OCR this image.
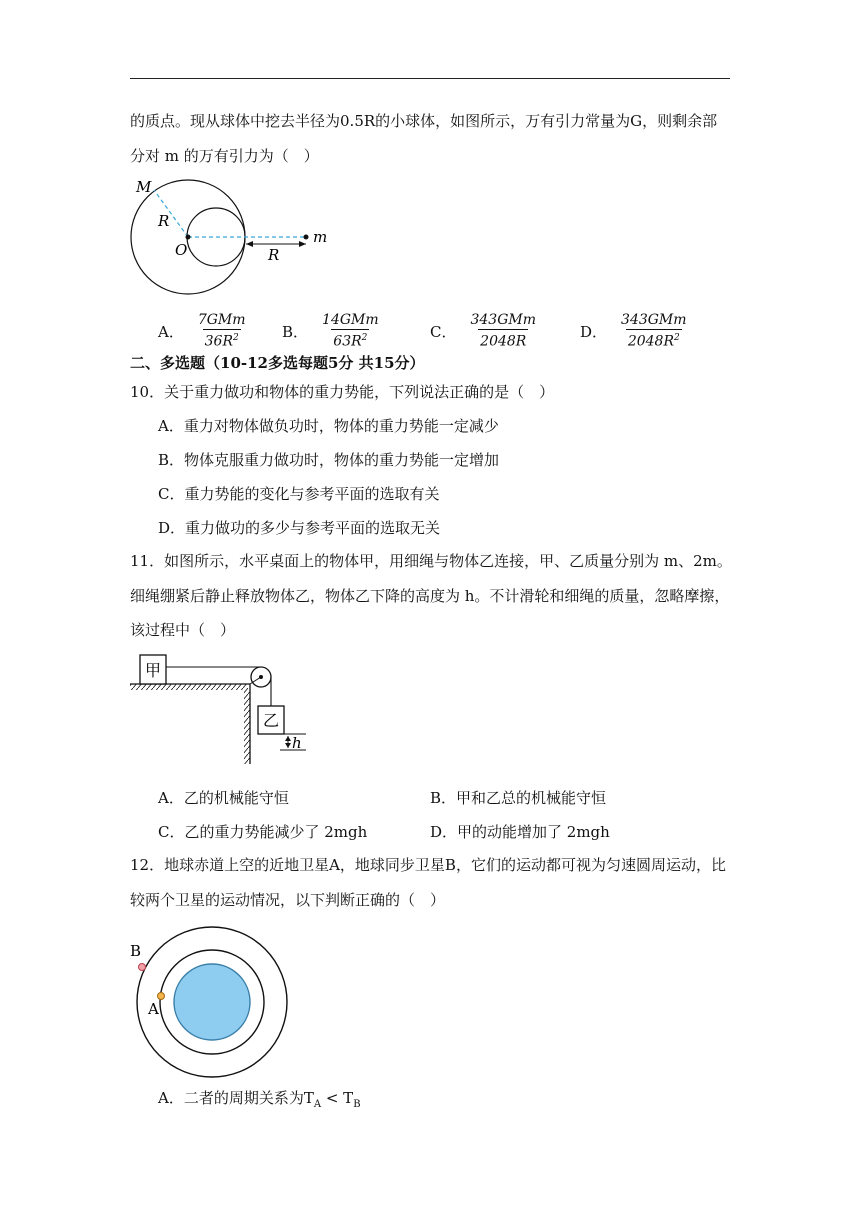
的质点。现从球体中挖去半径为0.5R的小球体，如图所示，万有引力常量为G，则剩余部
分对 m 的万有引力为（　）
M
R
O
m
R
A． $\frac{\text{7GMm}}{36R^2}$ B． $\frac{\text{14GMm}}{63R^2}$	C． $\frac{\text{343GMm}}{2048R}$	D． $\frac{\text{343GMm}}{2048R^2}$
二、多选题（10-12多选每题5分 共15分）
10．关于重力做功和物体的重力势能，下列说法正确的是（　）
A．重力对物体做负功时，物体的重力势能一定减少
B．物体克服重力做功时，物体的重力势能一定增加
C．重力势能的变化与参考平面的选取有关
D．重力做功的多少与参考平面的选取无关
11．如图所示，水平桌面上的物体甲，用细绳与物体乙连接，甲、乙质量分别为 m、2m。
细绳绷紧后静止释放物体乙，物体乙下降的高度为 h。不计滑轮和细绳的质量，忽略摩擦，
该过程中（　）
甲
乙
h
A．乙的机械能守恒	B．甲和乙总的机械能守恒
C．乙的重力势能减少了 2mgh	D．甲的动能增加了 2mgh
12．地球赤道上空的近地卫星A，地球同步卫星B，它们的运动都可视为匀速圆周运动，比
较两个卫星的运动情况，以下判断正确的（　）
B
A
A．二者的周期关系为$T_A < T_B$
